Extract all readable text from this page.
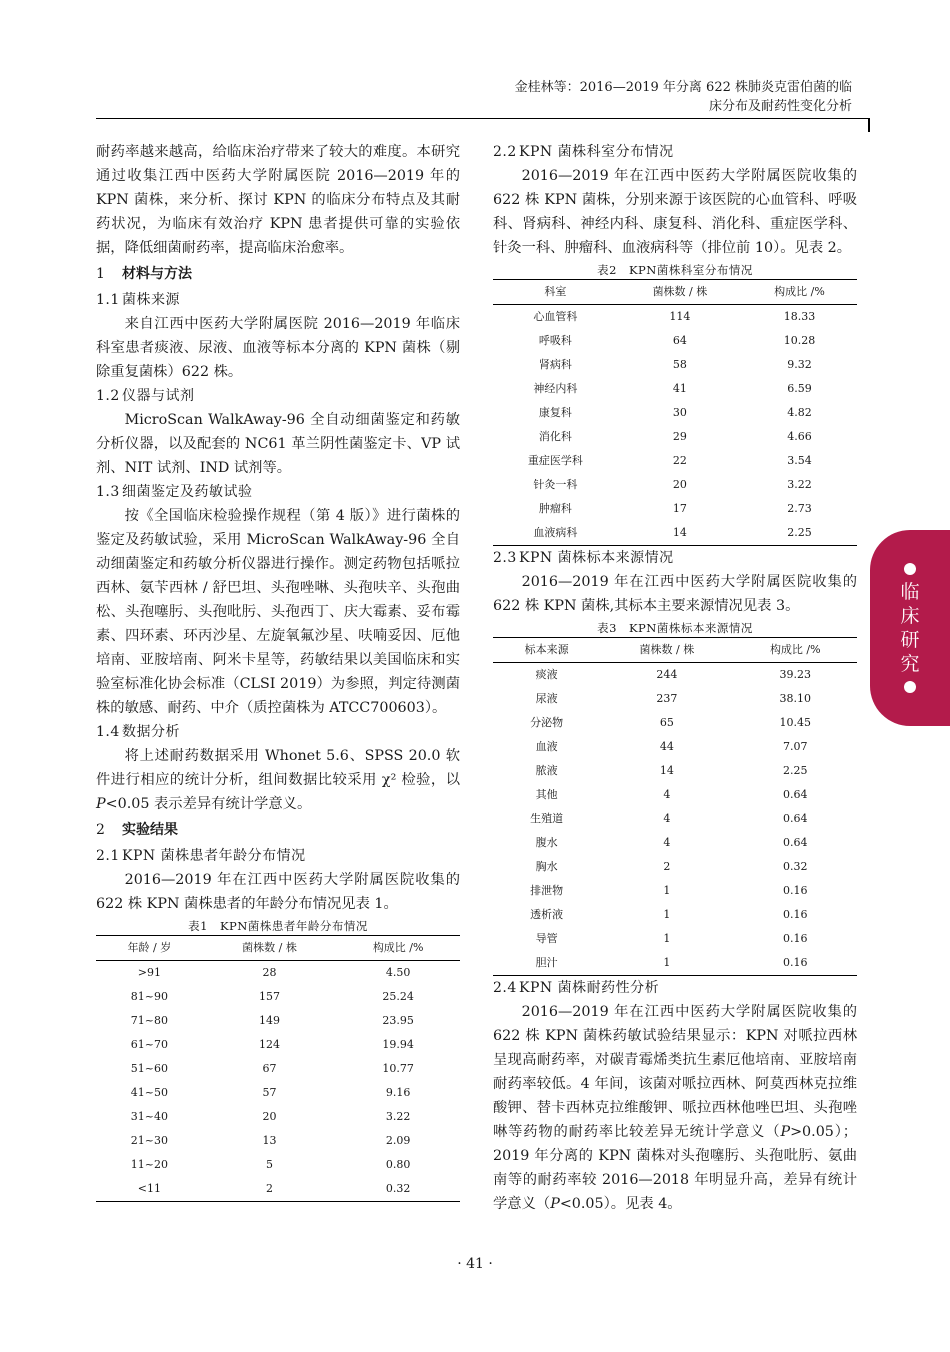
金桂林等：2016—2019 年分离 622 株肺炎克雷伯菌的临
床分布及耐药性变化分析
临
床
研
究

耐药率越来越高，给临床治疗带来了较大的难度。本研究通过收集江西中医药大学附属医院 2016—2019 年的 KPN 菌株，来分析、探讨 KPN 的临床分布特点及其耐药状况，为临床有效治疗 KPN 患者提供可靠的实验依据，降低细菌耐药率，提高临床治愈率。

1 材料与方法
1.1 菌株来源

来自江西中医药大学附属医院 2016—2019 年临床科室患者痰液、尿液、血液等标本分离的 KPN 菌株（剔除重复菌株）622 株。

1.2 仪器与试剂

MicroScan WalkAway-96 全自动细菌鉴定和药敏分析仪器，以及配套的 NC61 革兰阴性菌鉴定卡、VP 试剂、NIT 试剂、IND 试剂等。

1.3 细菌鉴定及药敏试验

按《全国临床检验操作规程（第 4 版）》进行菌株的鉴定及药敏试验，采用 MicroScan WalkAway-96 全自动细菌鉴定和药敏分析仪器进行操作。测定药物包括哌拉西林、氨苄西林 / 舒巴坦、头孢唑啉、头孢呋辛、头孢曲松、头孢噻肟、头孢吡肟、头孢西丁、庆大霉素、妥布霉素、四环素、环丙沙星、左旋氧氟沙星、呋喃妥因、厄他培南、亚胺培南、阿米卡星等，药敏结果以美国临床和实验室标准化协会标准（CLSI 2019）为参照，判定待测菌株的敏感、耐药、中介（质控菌株为 ATCC700603）。

1.4 数据分析

将上述耐药数据采用 Whonet 5.6、SPSS 20.0 软件进行相应的统计分析，组间数据比较采用 χ² 检验，以 P<0.05 表示差异有统计学意义。

2 实验结果
2.1 KPN 菌株患者年龄分布情况

2016—2019 年在江西中医药大学附属医院收集的 622 株 KPN 菌株患者的年龄分布情况见表 1。

表1　KPN菌株患者年龄分布情况
年龄 / 岁	菌株数 / 株	构成比 /%
>91	28	4.50
81~90	157	25.24
71~80	149	23.95
61~70	124	19.94
51~60	67	10.77
41~50	57	9.16
31~40	20	3.22
21~30	13	2.09
11~20	5	0.80
<11	2	0.32
2.2 KPN 菌株科室分布情况

2016—2019 年在江西中医药大学附属医院收集的 622 株 KPN 菌株，分别来源于该医院的心血管科、呼吸科、肾病科、神经内科、康复科、消化科、重症医学科、针灸一科、肿瘤科、血液病科等（排位前 10）。见表 2。

表2　KPN菌株科室分布情况
科室	菌株数 / 株	构成比 /%
心血管科	114	18.33
呼吸科	64	10.28
肾病科	58	9.32
神经内科	41	6.59
康复科	30	4.82
消化科	29	4.66
重症医学科	22	3.54
针灸一科	20	3.22
肿瘤科	17	2.73
血液病科	14	2.25
2.3 KPN 菌株标本来源情况

2016—2019 年在江西中医药大学附属医院收集的 622 株 KPN 菌株,其标本主要来源情况见表 3。

表3　KPN菌株标本来源情况
标本来源	菌株数 / 株	构成比 /%
痰液	244	39.23
尿液	237	38.10
分泌物	65	10.45
血液	44	7.07
脓液	14	2.25
其他	4	0.64
生殖道	4	0.64
腹水	4	0.64
胸水	2	0.32
排泄物	1	0.16
透析液	1	0.16
导管	1	0.16
胆汁	1	0.16
2.4 KPN 菌株耐药性分析

2016—2019 年在江西中医药大学附属医院收集的 622 株 KPN 菌株药敏试验结果显示：KPN 对哌拉西林呈现高耐药率，对碳青霉烯类抗生素厄他培南、亚胺培南耐药率较低。4 年间，该菌对哌拉西林、阿莫西林克拉维酸钾、替卡西林克拉维酸钾、哌拉西林他唑巴坦、头孢唑啉等药物的耐药率比较差异无统计学意义（P>0.05）；2019 年分离的 KPN 菌株对头孢噻肟、头孢吡肟、氨曲南等的耐药率较 2016—2018 年明显升高，差异有统计学意义（P<0.05）。见表 4。

· 41 ·
